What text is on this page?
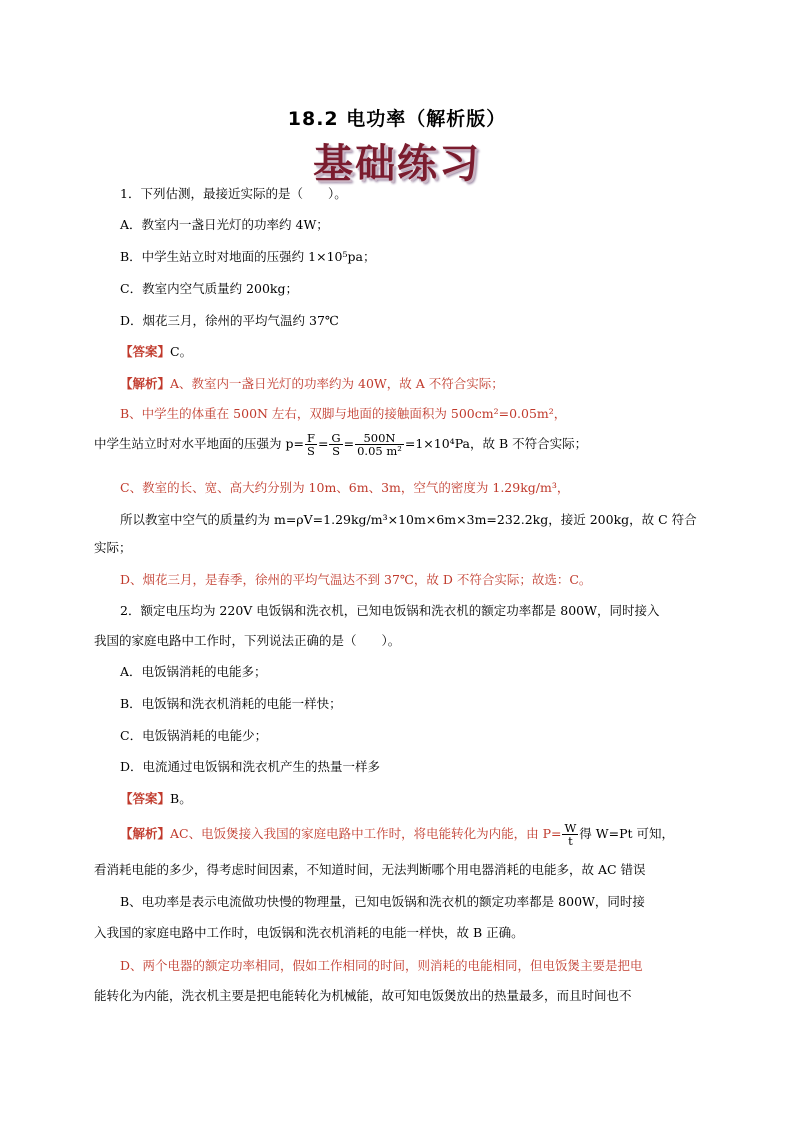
18.2 电功率（解析版）
基础练习
1．下列估测，最接近实际的是（　　）。
A．教室内一盏日光灯的功率约 4W；
B．中学生站立时对地面的压强约 1×10⁵pa；
C．教室内空气质量约 200kg；
D．烟花三月，徐州的平均气温约 37℃
【答案】C。
【解析】A、教室内一盏日光灯的功率约为 40W，故 A 不符合实际；
B、中学生的体重在 500N 左右，双脚与地面的接触面积为 500cm²=0.05m²，
中学生站立时对水平地面的压强为 $p= \frac{F}{S} = \frac{G}{S} = \frac{500N}{\text{0.05 m²}} =1\times 10^4Pa$，故 B 不符合实际；
C、教室的长、宽、高大约分别为 10m、6m、3m，空气的密度为 1.29kg/m³，
所以教室中空气的质量约为 m=ρV=1.29kg/m³×10m×6m×3m=232.2kg，接近 200kg，故 C 符合
实际；
D、烟花三月，是春季，徐州的平均气温达不到 37℃，故 D 不符合实际；故选：C。
2．额定电压均为 220V 电饭锅和洗衣机，已知电饭锅和洗衣机的额定功率都是 800W，同时接入
我国的家庭电路中工作时，下列说法正确的是（　　）。
A．电饭锅消耗的电能多；
B．电饭锅和洗衣机消耗的电能一样快；
C．电饭锅消耗的电能少；
D．电流通过电饭锅和洗衣机产生的热量一样多
【答案】B。
【解析】AC、电饭煲接入我国的家庭电路中工作时，将电能转化为内能，由 $P= \frac{W}{t}$ 得 W=Pt 可知，
看消耗电能的多少，得考虑时间因素，不知道时间，无法判断哪个用电器消耗的电能多，故 AC 错误
B、电功率是表示电流做功快慢的物理量，已知电饭锅和洗衣机的额定功率都是 800W，同时接
入我国的家庭电路中工作时，电饭锅和洗衣机消耗的电能一样快，故 B 正确。
D、两个电器的额定功率相同，假如工作相同的时间，则消耗的电能相同，但电饭煲主要是把电
能转化为内能，洗衣机主要是把电能转化为机械能，故可知电饭煲放出的热量最多，而且时间也不
